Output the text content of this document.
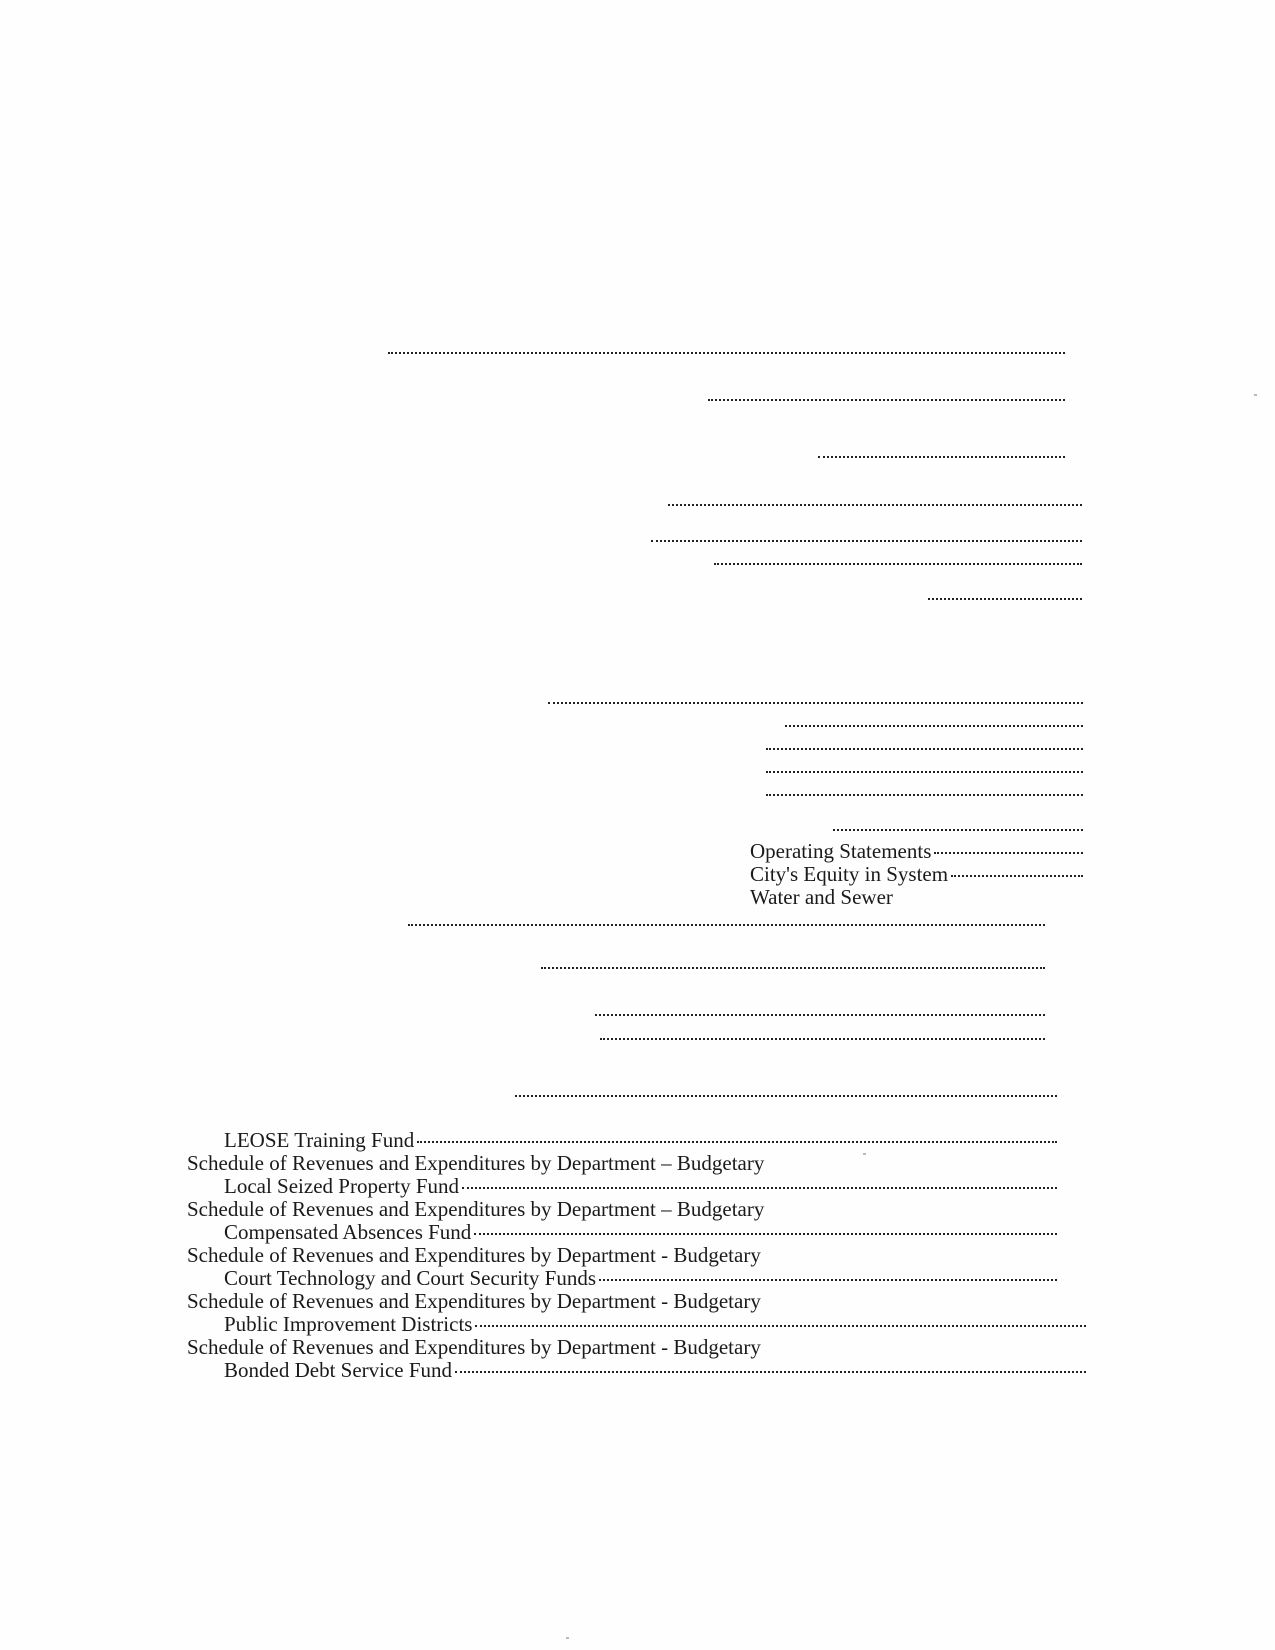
Operating Statements
City's Equity in System
Water and Sewer
LEOSE Training Fund
Schedule of Revenues and Expenditures by Department – Budgetary
Local Seized Property Fund
Schedule of Revenues and Expenditures by Department – Budgetary
Compensated Absences Fund
Schedule of Revenues and Expenditures by Department - Budgetary
Court Technology and Court Security Funds
Schedule of Revenues and Expenditures by Department - Budgetary
Public Improvement Districts
Schedule of Revenues and Expenditures by Department - Budgetary
Bonded Debt Service Fund
